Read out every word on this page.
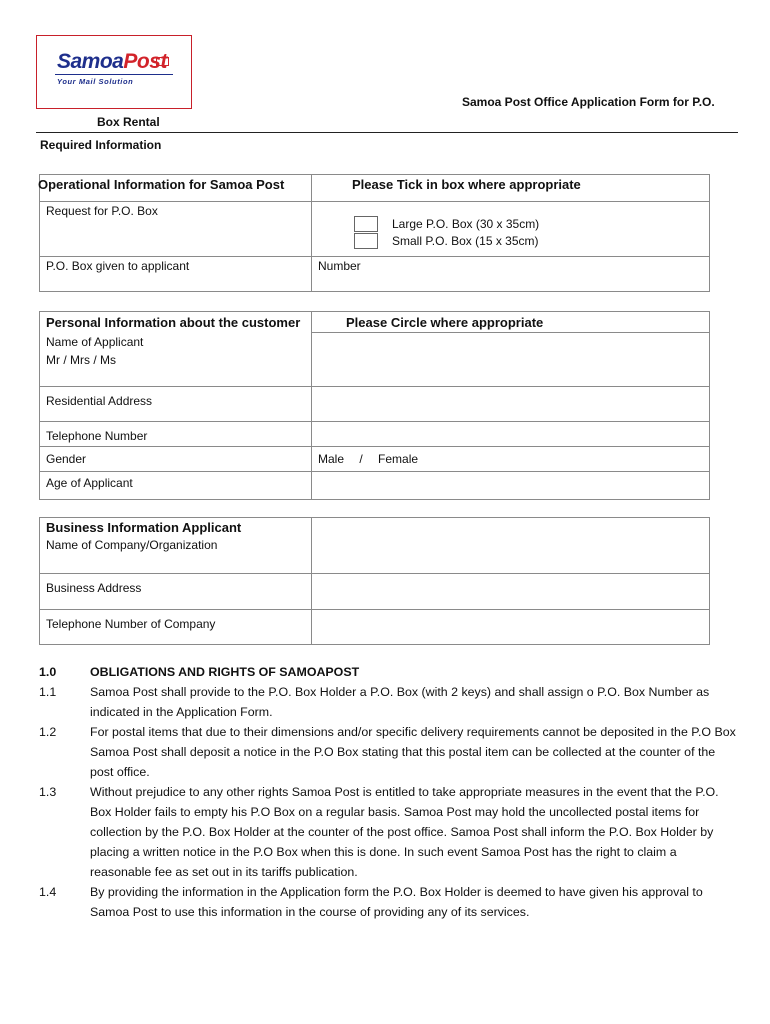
SamoaPost
Your Mail Solution
Samoa Post Office Application Form for P.O.
Box Rental
Required Information
Operational Information for Samoa Post	Please Tick in box where appropriate
Request for P.O. Box	Large P.O. Box (30 x 35cm)
Small P.O. Box (15 x 35cm)

P.O. Box given to applicant	Number
Personal Information about the customer	Please Circle where appropriate

Name of Applicant
Mr / Mrs / Ms	

Residential Address	
Telephone Number	
Gender	Male / Female
Age of Applicant	
Business Information Applicant	
Name of Company/Organization	
Business Address	
Telephone Number of Company	
1.0	OBLIGATIONS AND RIGHTS OF SAMOAPOST
1.1	Samoa Post shall provide to the P.O. Box Holder a P.O. Box (with 2 keys) and shall assign o P.O. Box Number as indicated in the Application Form.
1.2	For postal items that due to their dimensions and/or specific delivery requirements cannot be deposited in the P.O Box Samoa Post shall deposit a notice in the P.O Box stating that this postal item can be collected at the counter of the post office.
1.3	Without prejudice to any other rights Samoa Post is entitled to take appropriate measures in the event that the P.O. Box Holder fails to empty his P.O Box on a regular basis. Samoa Post may hold the uncollected postal items for collection by the P.O. Box Holder at the counter of the post office. Samoa Post shall inform the P.O. Box Holder by placing a written notice in the P.O Box when this is done. In such event Samoa Post has the right to claim a reasonable fee as set out in its tariffs publication.
1.4	By providing the information in the Application form the P.O. Box Holder is deemed to have given his approval to Samoa Post to use this information in the course of providing any of its services.
